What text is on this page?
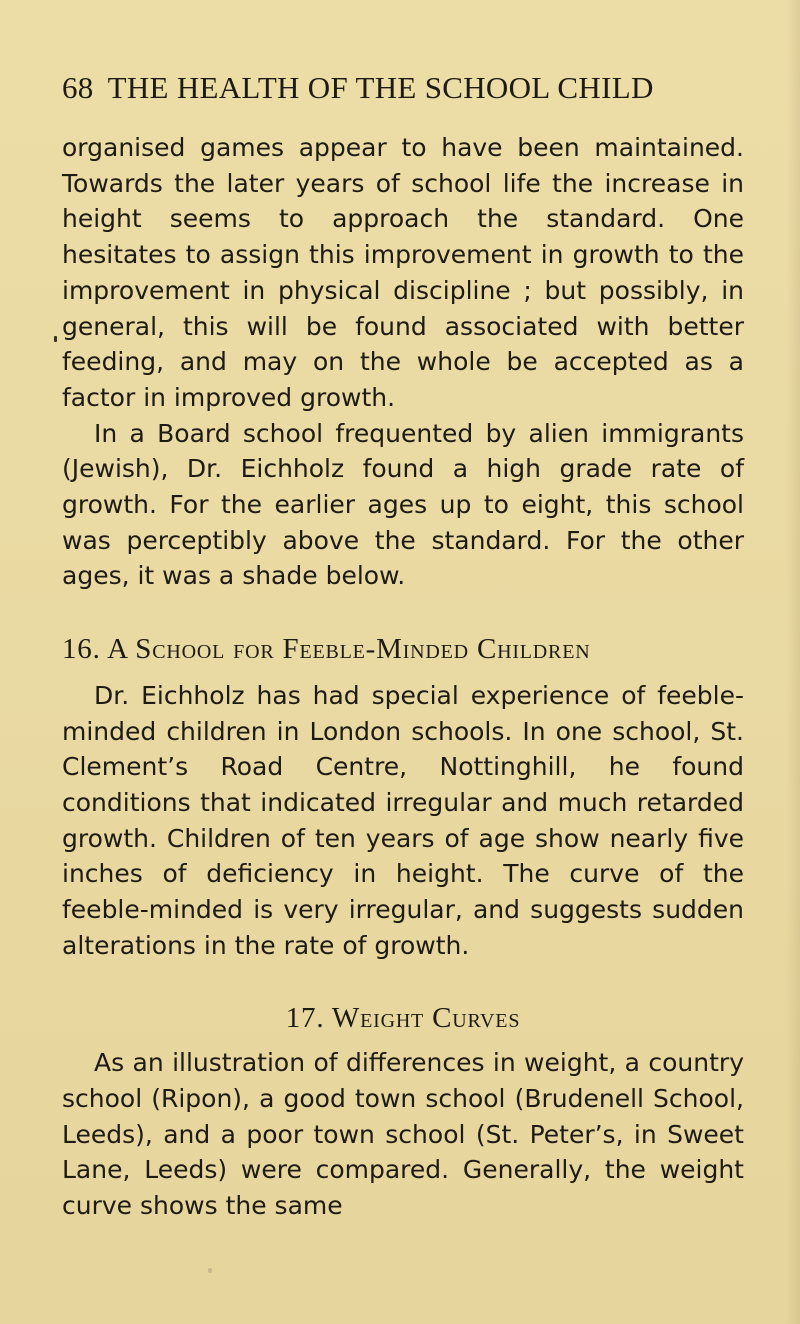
68 THE HEALTH OF THE SCHOOL CHILD

organised games appear to have been maintained. Towards the later years of school life the increase in height seems to approach the standard. One hesitates to assign this improvement in growth to the improvement in physical discipline ; but possibly, in general, this will be found associated with better feeding, and may on the whole be accepted as a factor in improved growth.

In a Board school frequented by alien immigrants (Jewish), Dr. Eichholz found a high grade rate of growth. For the earlier ages up to eight, this school was perceptibly above the standard. For the other ages, it was a shade below.

16. A School for Feeble-Minded Children

Dr. Eichholz has had special experience of feeble-minded children in London schools. In one school, St. Clement’s Road Centre, Nottinghill, he found conditions that indicated irregular and much retarded growth. Children of ten years of age show nearly five inches of deficiency in height. The curve of the feeble-minded is very irregular, and suggests sudden alterations in the rate of growth.

17. Weight Curves

As an illustration of differences in weight, a country school (Ripon), a good town school (Brudenell School, Leeds), and a poor town school (St. Peter’s, in Sweet Lane, Leeds) were compared. Generally, the weight curve shows the same
